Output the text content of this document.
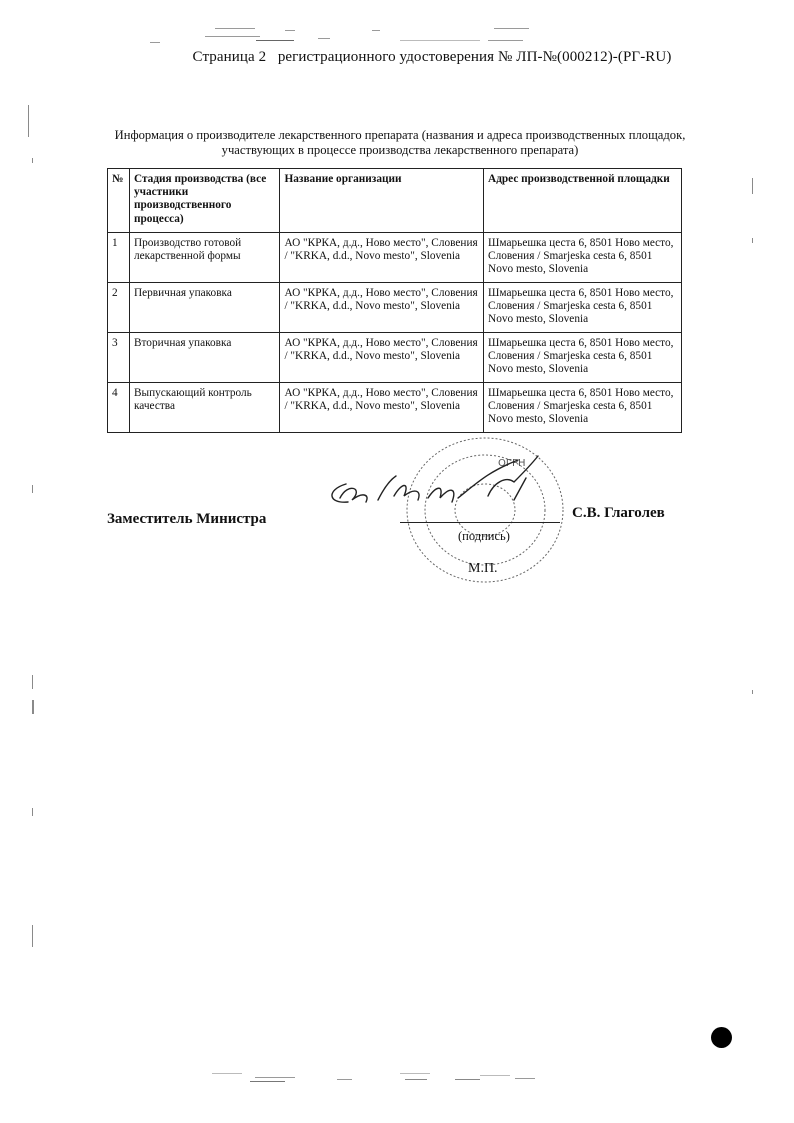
Страница 2 регистрационного удостоверения № ЛП-№(000212)-(РГ-RU)
Информация о производителе лекарственного препарата (названия и адреса производственных площадок, участвующих в процессе производства лекарственного препарата)
№	Стадия производства (все участники производственного процесса)	Название организации	Адрес производственной площадки
1	Производство готовой лекарственной формы	АО "КРКА, д.д., Ново место", Словения / "KRKA, d.d., Novo mesto", Slovenia	Шмарьешка цеста 6, 8501 Ново место, Словения / Smarjeska cesta 6, 8501 Novo mesto, Slovenia
2	Первичная упаковка	АО "КРКА, д.д., Ново место", Словения / "KRKA, d.d., Novo mesto", Slovenia	Шмарьешка цеста 6, 8501 Ново место, Словения / Smarjeska cesta 6, 8501 Novo mesto, Slovenia
3	Вторичная упаковка	АО "КРКА, д.д., Ново место", Словения / "KRKA, d.d., Novo mesto", Slovenia	Шмарьешка цеста 6, 8501 Ново место, Словения / Smarjeska cesta 6, 8501 Novo mesto, Slovenia
4	Выпускающий контроль качества	АО "КРКА, д.д., Ново место", Словения / "KRKA, d.d., Novo mesto", Slovenia	Шмарьешка цеста 6, 8501 Ново место, Словения / Smarjeska cesta 6, 8501 Novo mesto, Slovenia
ОГРН
Заместитель Министра	С.В. Глаголев
(подпись)
М.П.
